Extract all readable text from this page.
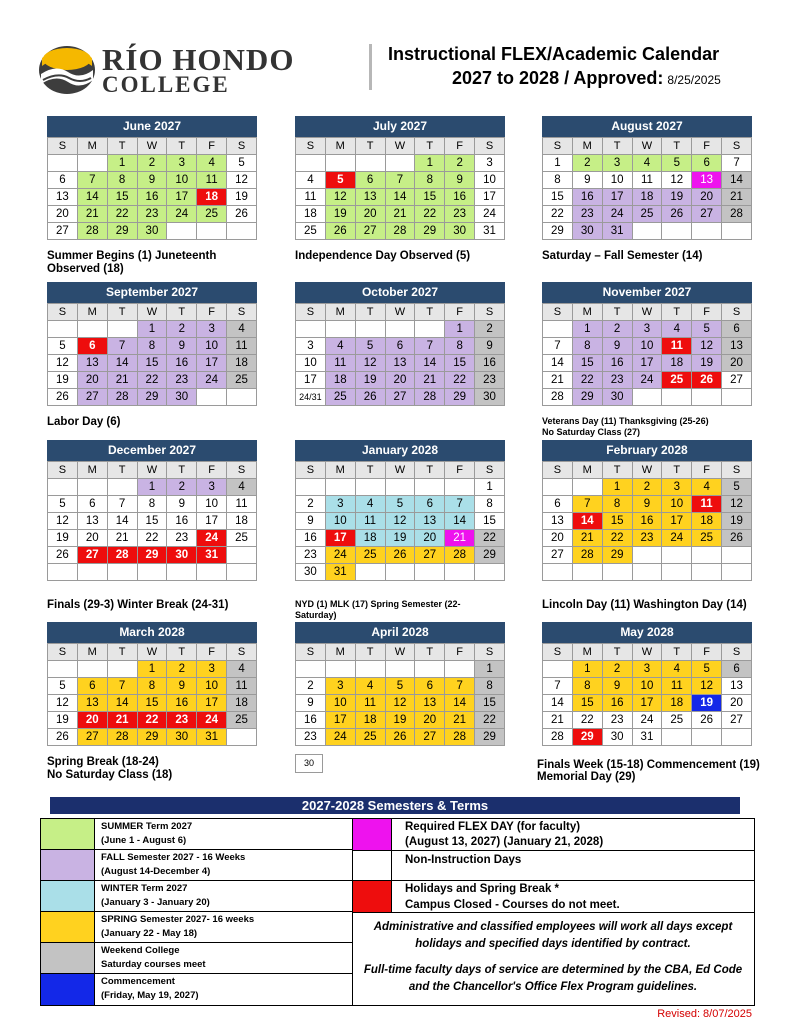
RÍO HONDO
COLLEGE
Instructional FLEX/Academic Calendar
2027 to 2028 / Approved: 8/25/2025
June 2027
S	M	T	W	T	F	S
		1	2	3	4	5
6	7	8	9	10	11	12
13	14	15	16	17	18	19
20	21	22	23	24	25	26
27	28	29	30			
July 2027
S	M	T	W	T	F	S
				1	2	3
4	5	6	7	8	9	10
11	12	13	14	15	16	17
18	19	20	21	22	23	24
25	26	27	28	29	30	31
August 2027
S	M	T	W	T	F	S
1	2	3	4	5	6	7
8	9	10	11	12	13	14
15	16	17	18	19	20	21
22	23	24	25	26	27	28
29	30	31				
September 2027
S	M	T	W	T	F	S
			1	2	3	4
5	6	7	8	9	10	11
12	13	14	15	16	17	18
19	20	21	22	23	24	25
26	27	28	29	30		
October 2027
S	M	T	W	T	F	S
					1	2
3	4	5	6	7	8	9
10	11	12	13	14	15	16
17	18	19	20	21	22	23
24/31	25	26	27	28	29	30
November 2027
S	M	T	W	T	F	S
	1	2	3	4	5	6
7	8	9	10	11	12	13
14	15	16	17	18	19	20
21	22	23	24	25	26	27
28	29	30				
December 2027
S	M	T	W	T	F	S
			1	2	3	4
5	6	7	8	9	10	11
12	13	14	15	16	17	18
19	20	21	22	23	24	25
26	27	28	29	30	31	

January 2028
S	M	T	W	T	F	S
						1
2	3	4	5	6	7	8
9	10	11	12	13	14	15
16	17	18	19	20	21	22
23	24	25	26	27	28	29
30	31					
February 2028
S	M	T	W	T	F	S
		1	2	3	4	5
6	7	8	9	10	11	12
13	14	15	16	17	18	19
20	21	22	23	24	25	26
27	28	29				

March 2028
S	M	T	W	T	F	S
			1	2	3	4
5	6	7	8	9	10	11
12	13	14	15	16	17	18
19	20	21	22	23	24	25
26	27	28	29	30	31	
April 2028
S	M	T	W	T	F	S
						1
2	3	4	5	6	7	8
9	10	11	12	13	14	15
16	17	18	19	20	21	22
23	24	25	26	27	28	29
May 2028
S	M	T	W	T	F	S
	1	2	3	4	5	6
7	8	9	10	11	12	13
14	15	16	17	18	19	20
21	22	23	24	25	26	27
28	29	30	31			
Summer Begins (1) Juneteenth Observed (18)
Independence Day Observed (5)	Saturday – Fall Semester (14)
Labor Day (6)	Veterans Day (11) Thanksgiving (25-26)
No Saturday Class (27)
Finals (29-3) Winter Break (24-31)	NYD (1) MLK (17) Spring Semester (22-Saturday)
Lincoln Day (11) Washington Day (14)
Spring Break (18-24)
No Saturday Class (18)
30	Finals Week (15-18) Commencement (19)
Memorial Day (29)
2027-2028 Semesters & Terms
SUMMER Term 2027
(June 1 - August 6)
FALL Semester 2027 - 16 Weeks
(August 14-December 4)
WINTER Term 2027
(January 3 - January 20)
SPRING Semester 2027- 16 weeks
(January 22 - May 18)
Weekend College
Saturday courses meet
Commencement
(Friday, May 19, 2027)
Required FLEX DAY (for faculty)
(August 13, 2027) (January 21, 2028)
Non-Instruction Days
Holidays and Spring Break *
Campus Closed - Courses do not meet.
Administrative and classified employees will work all days except holidays and specified days identified by contract.
Full-time faculty days of service are determined by the CBA, Ed Code and the Chancellor's Office Flex Program guidelines.
Revised: 8/07/2025
